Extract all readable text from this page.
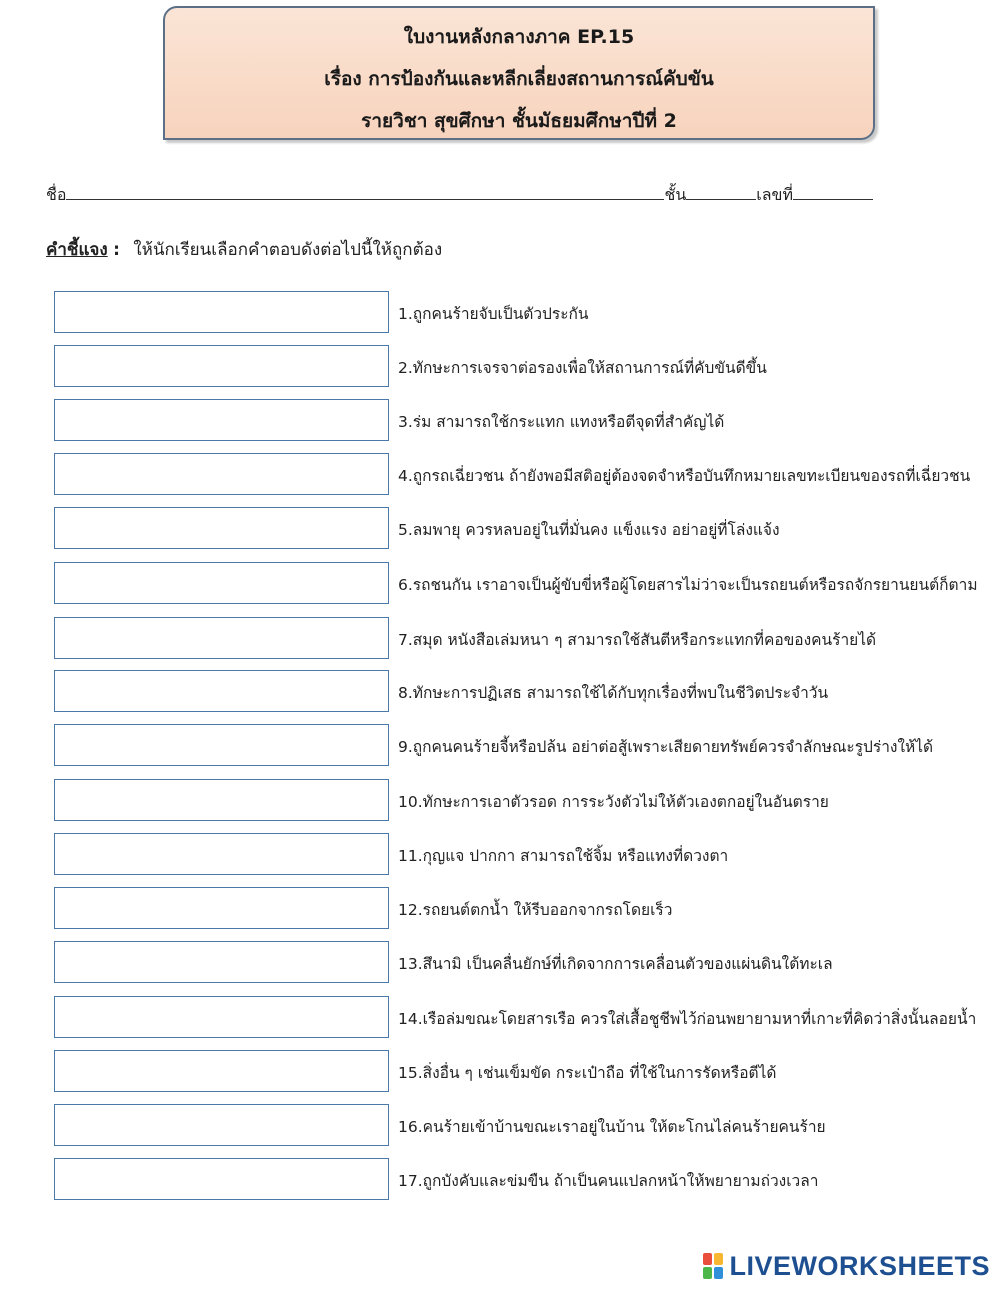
ใบงานหลังกลางภาค EP.15
เรื่อง การป้องกันและหลีกเลี่ยงสถานการณ์คับขัน
รายวิชา สุขศึกษา ชั้นมัธยมศึกษาปีที่ 2
ชื่อ	ชั้น	เลขที่
คำชี้แจง : ให้นักเรียนเลือกคำตอบดังต่อไปนี้ให้ถูกต้อง
1.ถูกคนร้ายจับเป็นตัวประกัน
2.ทักษะการเจรจาต่อรองเพื่อให้สถานการณ์ที่คับขันดีขึ้น
3.ร่ม สามารถใช้กระแทก แทงหรือตีจุดที่สำคัญได้
4.ถูกรถเฉี่ยวชน ถ้ายังพอมีสติอยู่ต้องจดจำหรือบันทึกหมายเลขทะเบียนของรถที่เฉี่ยวชน
5.ลมพายุ ควรหลบอยู่ในที่มั่นคง แข็งแรง อย่าอยู่ที่โล่งแจ้ง
6.รถชนกัน เราอาจเป็นผู้ขับขี่หรือผู้โดยสารไม่ว่าจะเป็นรถยนต์หรือรถจักรยานยนต์ก็ตาม
7.สมุด หนังสือเล่มหนา ๆ สามารถใช้สันตีหรือกระแทกที่คอของคนร้ายได้
8.ทักษะการปฏิเสธ สามารถใช้ได้กับทุกเรื่องที่พบในชีวิตประจำวัน
9.ถูกคนคนร้ายจี้หรือปล้น อย่าต่อสู้เพราะเสียดายทรัพย์ควรจำลักษณะรูปร่างให้ได้
10.ทักษะการเอาตัวรอด การระวังตัวไม่ให้ตัวเองตกอยู่ในอันตราย
11.กุญแจ ปากกา สามารถใช้จิ้ม หรือแทงที่ดวงตา
12.รถยนต์ตกน้ำ ให้รีบออกจากรถโดยเร็ว
13.สึนามิ เป็นคลื่นยักษ์ที่เกิดจากการเคลื่อนตัวของแผ่นดินใต้ทะเล
14.เรือล่มขณะโดยสารเรือ ควรใส่เสื้อชูชีพไว้ก่อนพยายามหาที่เกาะที่คิดว่าสิ่งนั้นลอยน้ำ
15.สิ่งอื่น ๆ เช่นเข็มขัด กระเป๋าถือ ที่ใช้ในการรัดหรือตีได้
16.คนร้ายเข้าบ้านขณะเราอยู่ในบ้าน ให้ตะโกนไล่คนร้ายคนร้าย
17.ถูกบังคับและข่มขืน ถ้าเป็นคนแปลกหน้าให้พยายามถ่วงเวลา
LIVEWORKSHEETS
